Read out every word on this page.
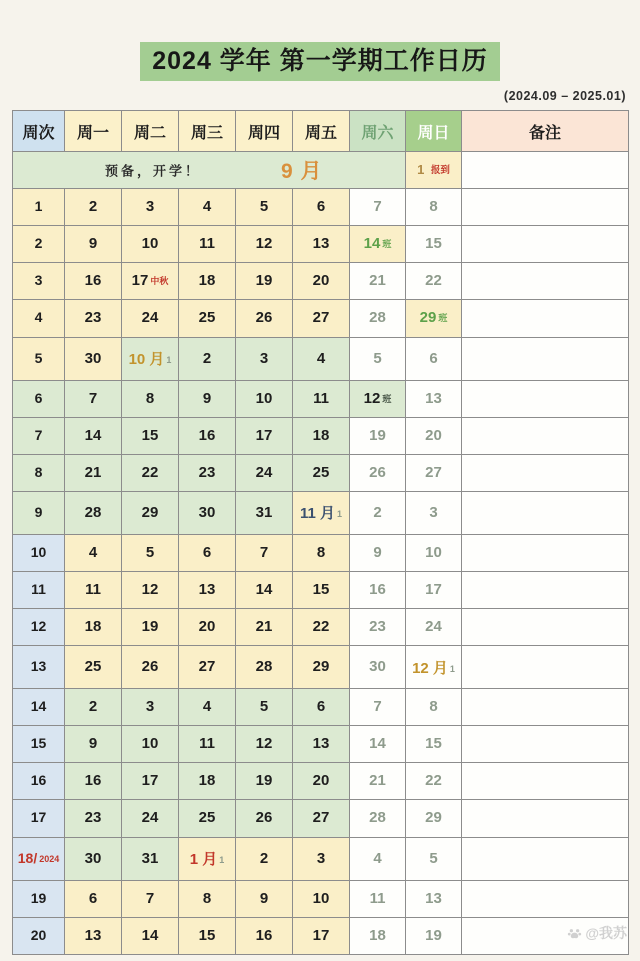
2024 学年 第一学期工作日历
(2024.09 – 2025.01)
周次	周一	周二	周三	周四	周五	周六	周日	备注

预备，开学！ 9 月							1 报到	
1	2	3	4	5	6	7	8	
2	9	10	11	12	13	14 班	15	
3	16	17 中秋	18	19	20	21	22	
4	23	24	25	26	27	28	29 班	
5	30	10 月 1	2	3	4	5	6	
6	7	8	9	10	11	12 班	13	
7	14	15	16	17	18	19	20	
8	21	22	23	24	25	26	27	
9	28	29	30	31	11 月 1	2	3	
10	4	5	6	7	8	9	10	
11	11	12	13	14	15	16	17	
12	18	19	20	21	22	23	24	
13	25	26	27	28	29	30	12 月 1	
14	2	3	4	5	6	7	8	
15	9	10	11	12	13	14	15	
16	16	17	18	19	20	21	22	
17	23	24	25	26	27	28	29	
18/ 2024	30	31	1 月 1	2	3	4	5	
19	6	7	8	9	10	11	13	
20	13	14	15	16	17	18	19		@我苏
